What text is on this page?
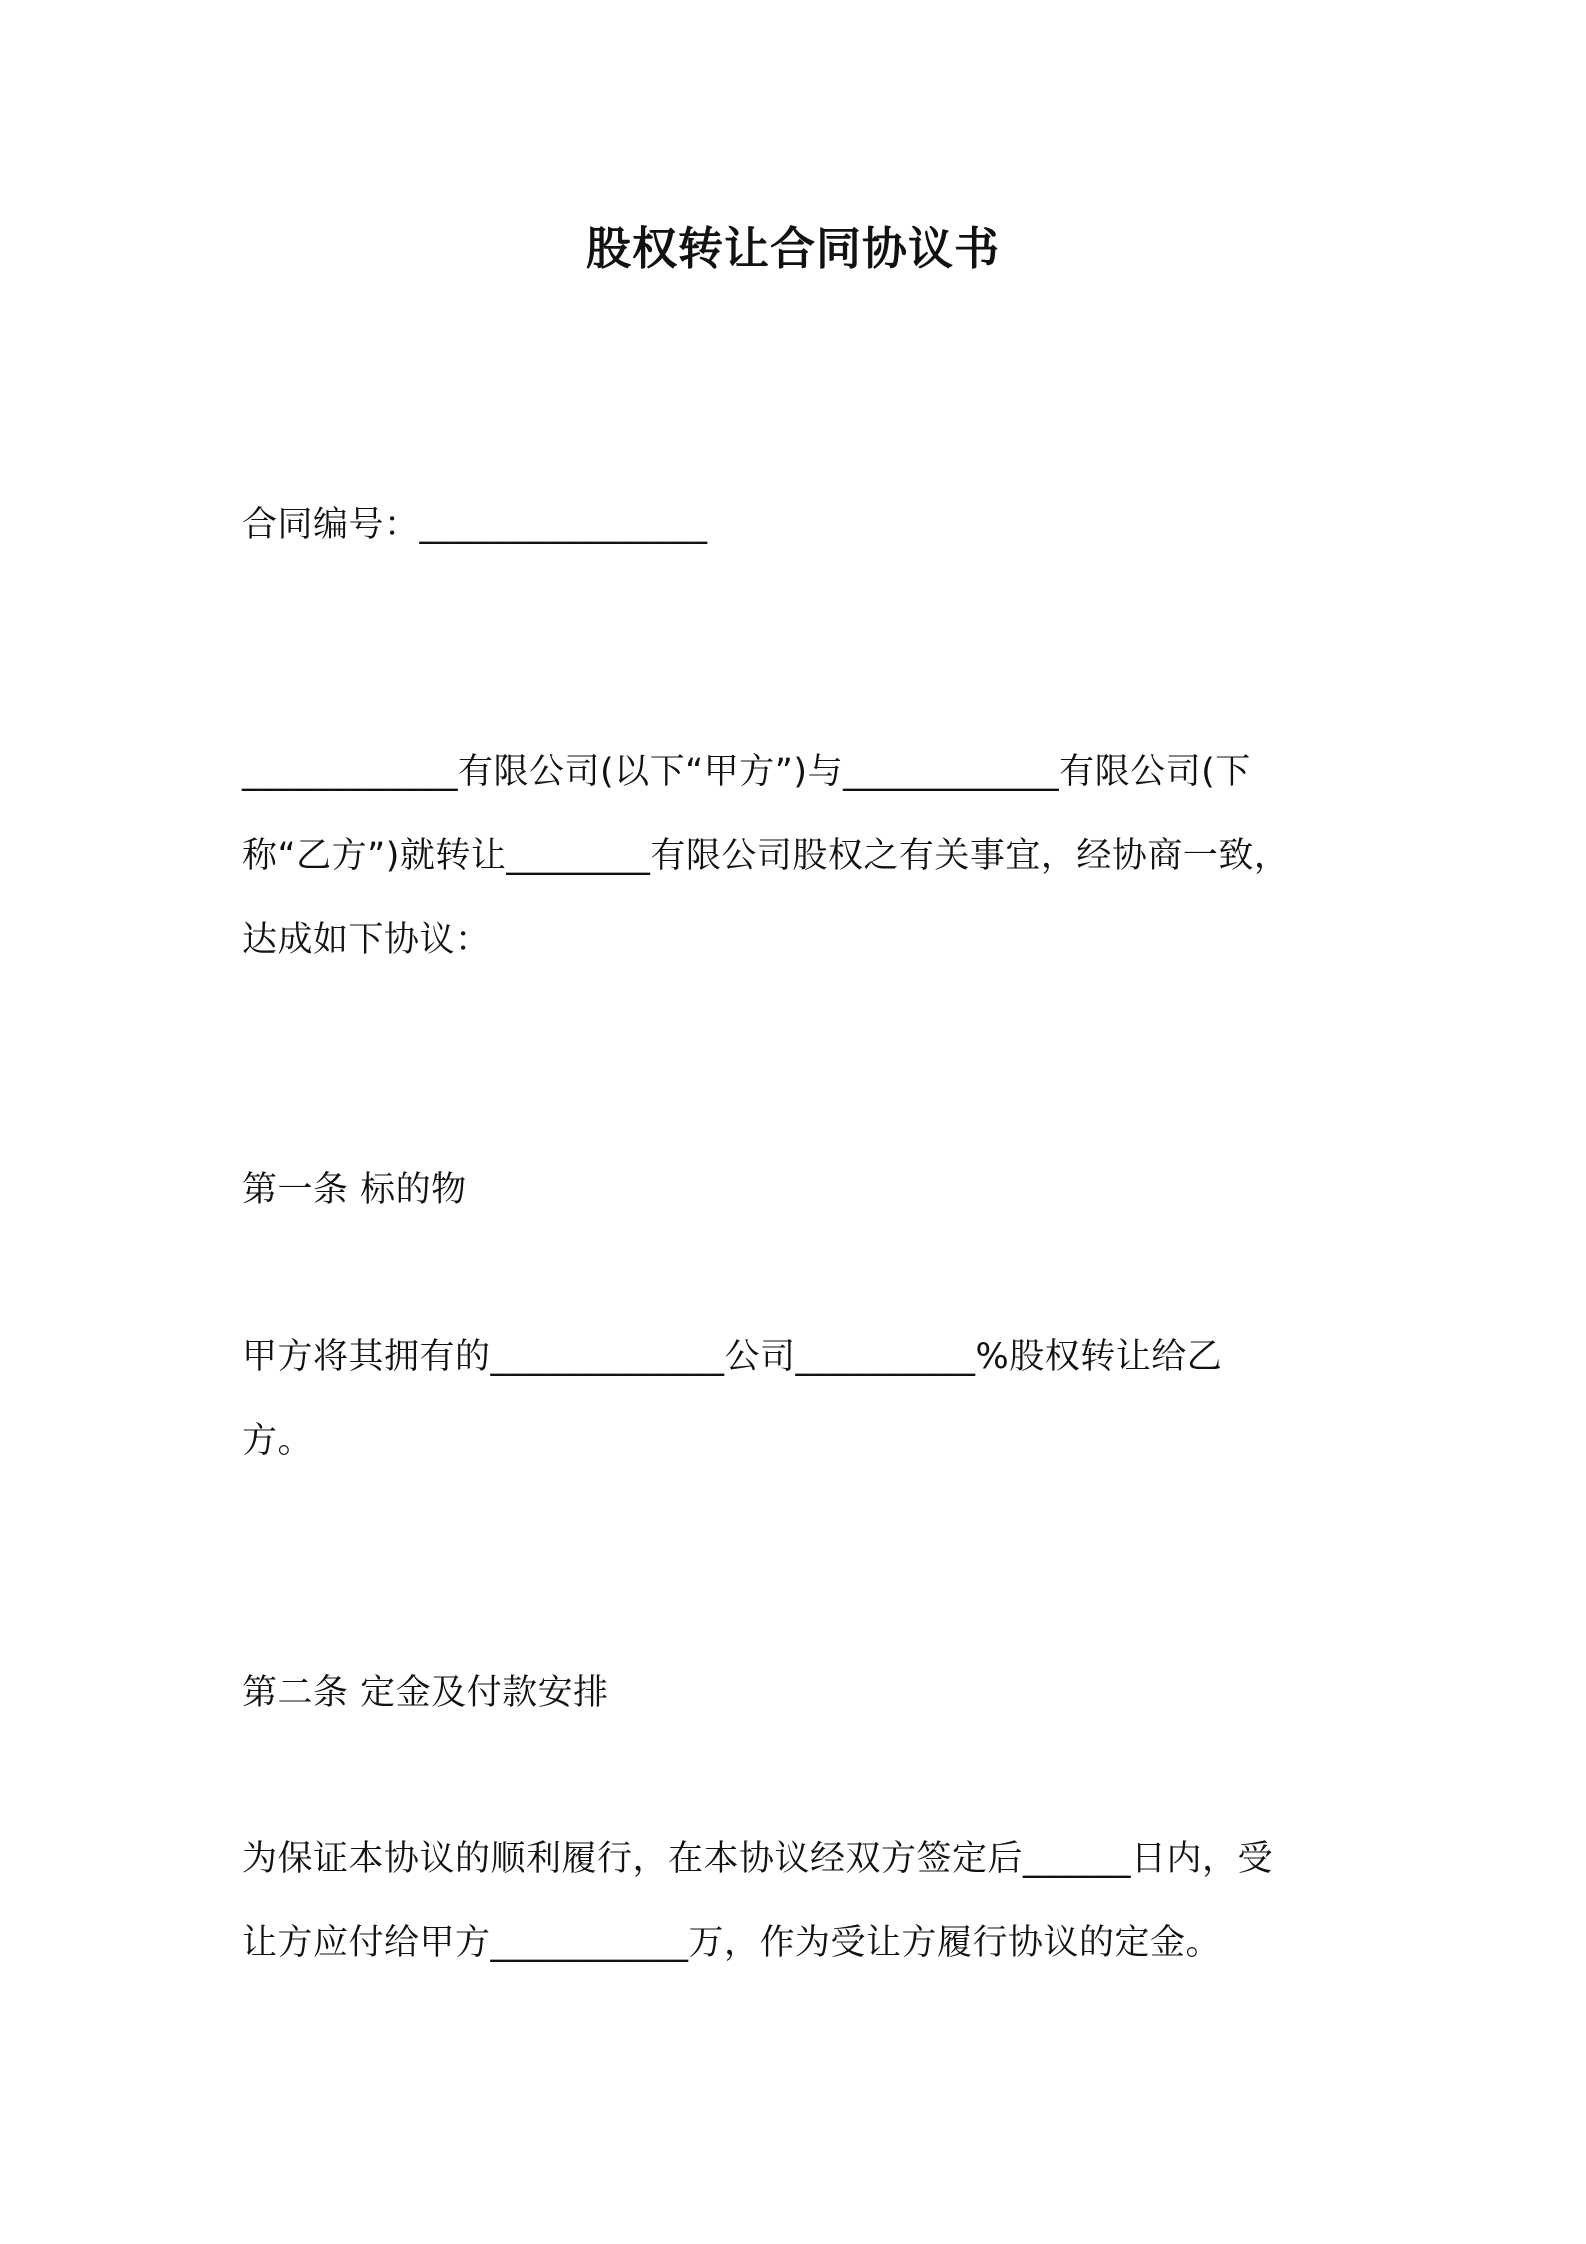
股权转让合同协议书
合同编号：________________
____________有限公司(以下“甲方”)与____________有限公司(下
称“乙方”)就转让________有限公司股权之有关事宜，经协商一致，
达成如下协议：
第一条 标的物
甲方将其拥有的_____________公司__________%股权转让给乙
方。
第二条 定金及付款安排
为保证本协议的顺利履行，在本协议经双方签定后______日内，受
让方应付给甲方___________万，作为受让方履行协议的定金。
